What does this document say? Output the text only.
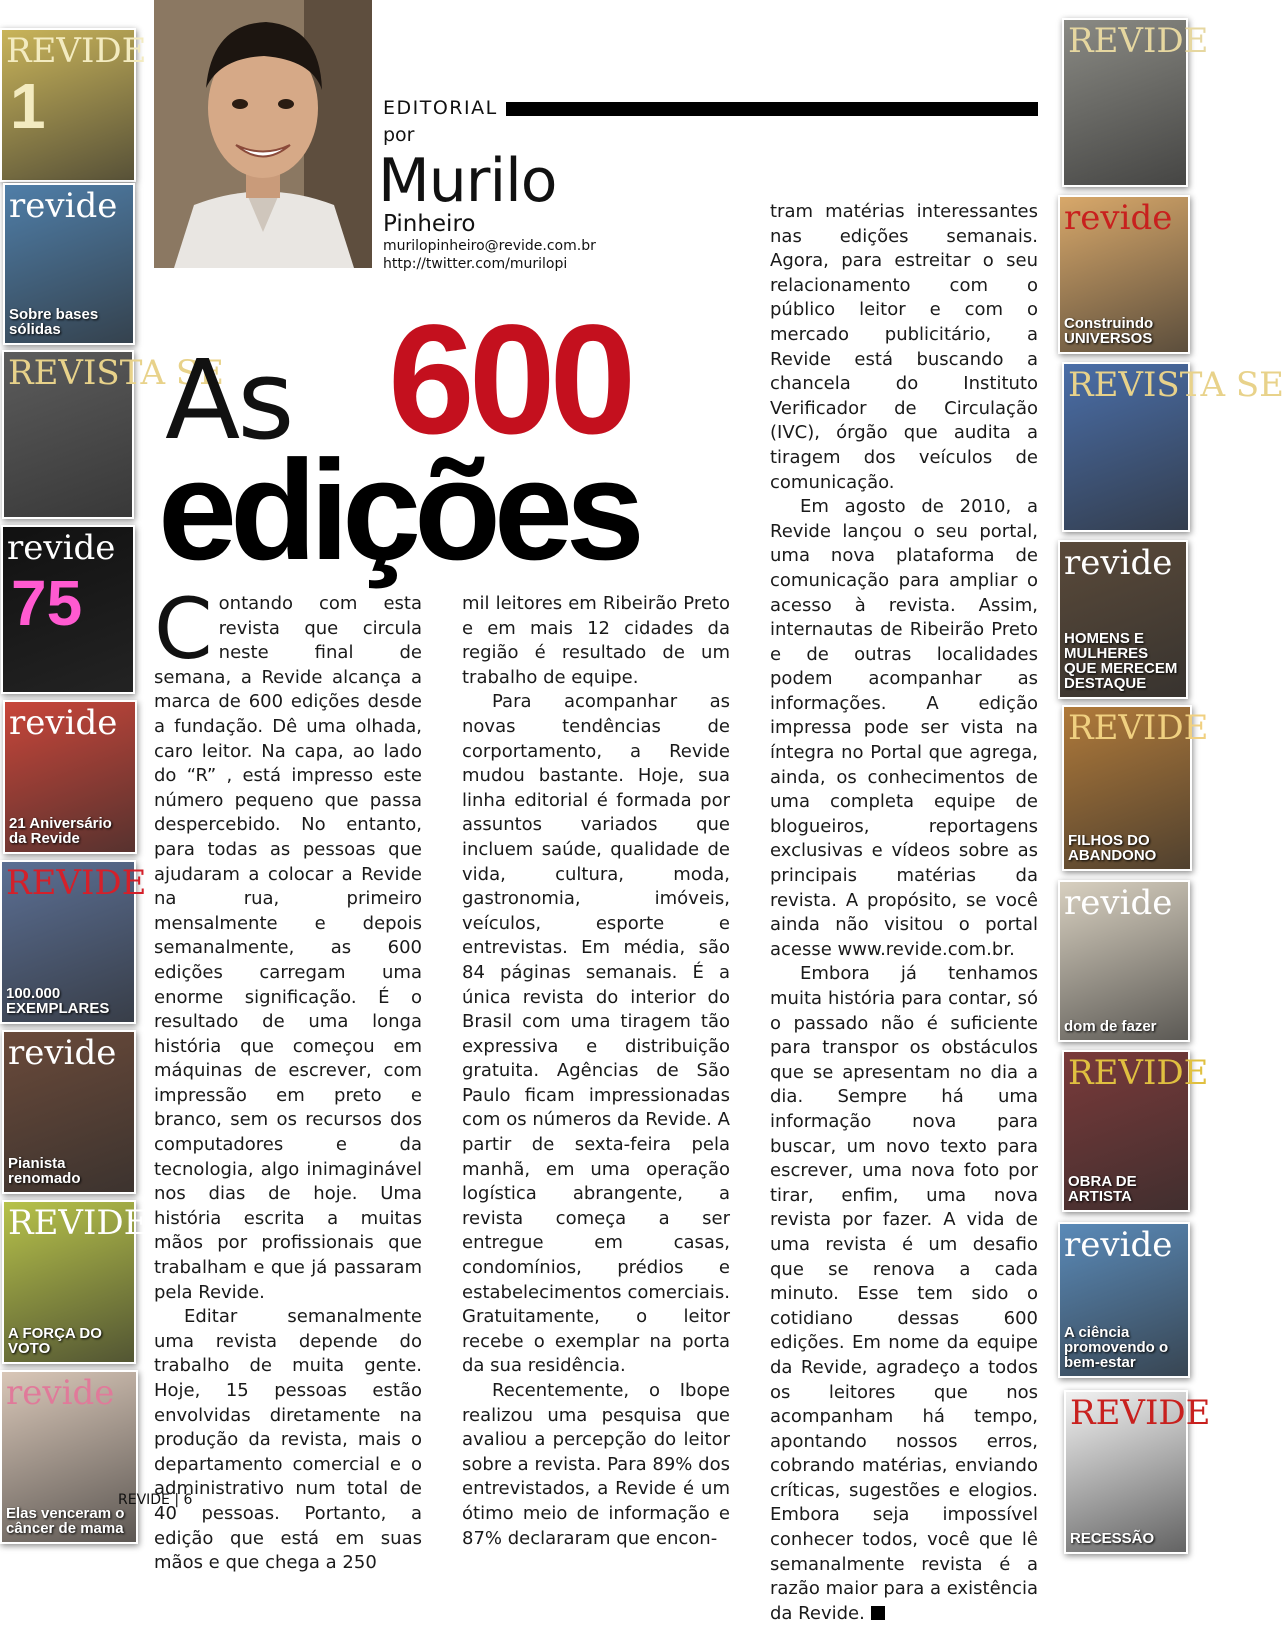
REVIDE
1
revide
Sobre bases sólidas
REVISTA SE
revide
75
revide
21 Aniversário da Revide
REVIDE
100.000 EXEMPLARES
revide
Pianista renomado
REVIDE
A FORÇA DO VOTO
revide
Elas venceram o câncer de mama
REVIDE
revide
Construindo UNIVERSOS
REVISTA SE
revide
HOMENS E MULHERES QUE MERECEM DESTAQUE
REVIDE
FILHOS DO ABANDONO
revide
dom de fazer
REVIDE
OBRA DE ARTISTA
revide
A ciência promovendo o bem-estar
REVIDE
RECESSÃO
EDITORIAL
por
Murilo
Pinheiro
murilopinheiro@revide.com.br
http://twitter.com/murilopi
As 600
edições

Contando com esta revista que circula neste final de semana, a Revide alcança a marca de 600 edições desde a fundação. Dê uma olhada, caro leitor. Na capa, ao lado do “R” , está impresso este número pequeno que passa despercebido. No entanto, para todas as pessoas que ajudaram a colocar a Revide na rua, primeiro mensalmente e depois semanalmente, as 600 edições carregam uma enorme significação. É o resultado de uma longa história que começou em máquinas de escrever, com impressão em preto e branco, sem os recursos dos computadores e da tecnologia, algo inimaginável nos dias de hoje. Uma história escrita a muitas mãos por profissionais que trabalham e que já passaram pela Revide.

Editar semanalmente uma revista depende do trabalho de muita gente. Hoje, 15 pessoas estão envolvidas diretamente na produção da revista, mais o departamento comercial e o administrativo num total de 40 pessoas. Portanto, a edição que está em suas mãos e que chega a 250

mil leitores em Ribeirão Preto e em mais 12 cidades da região é resultado de um trabalho de equipe.

Para acompanhar as novas tendências de corportamento, a Revide mudou bastante. Hoje, sua linha editorial é formada por assuntos variados que incluem saúde, qualidade de vida, cultura, moda, gastronomia, imóveis, veículos, esporte e entrevistas. Em média, são 84 páginas semanais. É a única revista do interior do Brasil com uma tiragem tão expressiva e distribuição gratuita. Agências de São Paulo ficam impressionadas com os números da Revide. A partir de sexta-feira pela manhã, em uma operação logística abrangente, a revista começa a ser entregue em casas, condomínios, prédios e estabelecimentos comerciais. Gratuitamente, o leitor recebe o exemplar na porta da sua residência.

Recentemente, o Ibope realizou uma pesquisa que avaliou a percepção do leitor sobre a revista. Para 89% dos entrevistados, a Revide é um ótimo meio de informação e 87% declararam que encon-

tram matérias interessantes nas edições semanais. Agora, para estreitar o seu relacionamento com o público leitor e com o mercado publicitário, a Revide está buscando a chancela do Instituto Verificador de Circulação (IVC), órgão que audita a tiragem dos veículos de comunicação.

Em agosto de 2010, a Revide lançou o seu portal, uma nova plataforma de comunicação para ampliar o acesso à revista. Assim, internautas de Ribeirão Preto e de outras localidades podem acompanhar as informações. A edição impressa pode ser vista na íntegra no Portal que agrega, ainda, os conhecimentos de uma completa equipe de blogueiros, reportagens exclusivas e vídeos sobre as principais matérias da revista. A propósito, se você ainda não visitou o portal acesse www.revide.com.br.

Embora já tenhamos muita história para contar, só o passado não é suficiente para transpor os obstáculos que se apresentam no dia a dia. Sempre há uma informação nova para buscar, um novo texto para escrever, uma nova foto por tirar, enfim, uma nova revista por fazer. A vida de uma revista é um desafio que se renova a cada minuto. Esse tem sido o cotidiano dessas 600 edições. Em nome da equipe da Revide, agradeço a todos os leitores que nos acompanham há tempo, apontando nossos erros, cobrando matérias, enviando críticas, sugestões e elogios. Embora seja impossível conhecer todos, você que lê semanalmente revista é a razão maior para a existência da Revide.

REVIDE | 6
